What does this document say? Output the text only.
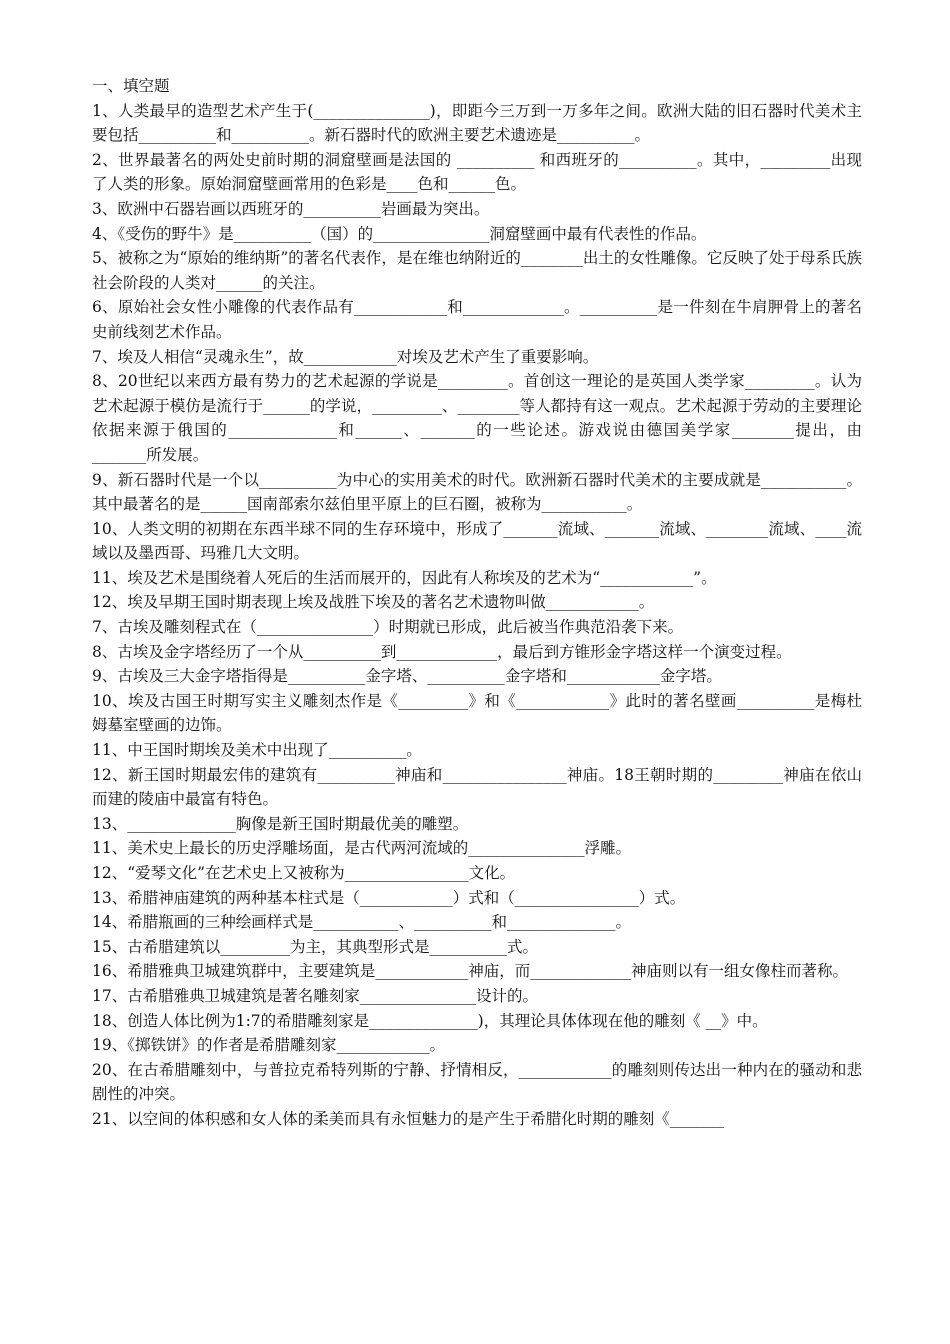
一、填空题

1、人类最早的造型艺术产生于(_______________)，即距今三万到一万多年之间。欧洲大陆的旧石器时代美术主要包括__________和__________。新石器时代的欧洲主要艺术遗迹是__________。

2、世界最著名的两处史前时期的洞窟壁画是法国的 __________ 和西班牙的__________。其中，_________出现了人类的形象。原始洞窟壁画常用的色彩是____色和______色。

3、欧洲中石器岩画以西班牙的__________岩画最为突出。

4、《受伤的野牛》是__________（国）的_______________洞窟壁画中最有代表性的作品。

5、被称之为“原始的维纳斯”的著名代表作，是在维也纳附近的________出土的女性雕像。它反映了处于母系氏族社会阶段的人类对______的关注。

6、原始社会女性小雕像的代表作品有____________和_____________。__________是一件刻在牛肩胛骨上的著名史前线刻艺术作品。

7、埃及人相信“灵魂永生”，故____________对埃及艺术产生了重要影响。

8、20世纪以来西方最有势力的艺术起源的学说是_________。首创这一理论的是英国人类学家_________。认为艺术起源于模仿是流行于______的学说，_________、________等人都持有这一观点。艺术起源于劳动的主要理论依据来源于俄国的______________和______、_______的一些论述。游戏说由德国美学家________提出，由_______所发展。

9、新石器时代是一个以__________为中心的实用美术的时代。欧洲新石器时代美术的主要成就是___________。其中最著名的是______国南部索尔兹伯里平原上的巨石圈，被称为___________。

10、人类文明的初期在东西半球不同的生存环境中，形成了_______流域、_______流域、________流域、____流域以及墨西哥、玛雅几大文明。

11、埃及艺术是围绕着人死后的生活而展开的，因此有人称埃及的艺术为“____________”。

12、埃及早期王国时期表现上埃及战胜下埃及的著名艺术遗物叫做____________。

7、古埃及雕刻程式在（_______________）时期就已形成，此后被当作典范沿袭下来。

8、古埃及金字塔经历了一个从__________到_____________，最后到方锥形金字塔这样一个演变过程。

9、古埃及三大金字塔指得是__________金字塔、__________金字塔和____________金字塔。

10、埃及古国王时期写实主义雕刻杰作是《_________》和《____________》此时的著名壁画__________是梅杜姆墓室壁画的边饰。

11、中王国时期埃及美术中出现了__________。

12、新王国时期最宏伟的建筑有__________神庙和________________神庙。18王朝时期的_________神庙在依山而建的陵庙中最富有特色。

13、______________胸像是新王国时期最优美的雕塑。

11、美术史上最长的历史浮雕场面，是古代两河流域的_______________浮雕。

12、“爱琴文化”在艺术史上又被称为________________文化。

13、希腊神庙建筑的两种基本柱式是（____________）式和（________________）式。

14、希腊瓶画的三种绘画样式是___________、__________和______________。

15、古希腊建筑以_________为主，其典型形式是__________式。

16、希腊雅典卫城建筑群中，主要建筑是____________神庙，而_____________神庙则以有一组女像柱而著称。

17、古希腊雅典卫城建筑是著名雕刻家_______________设计的。

18、创造人体比例为1:7的希腊雕刻家是______________)，其理论具体体现在他的雕刻《 __》中。

19、《掷铁饼》的作者是希腊雕刻家____________。

20、在古希腊雕刻中，与普拉克希特列斯的宁静、抒情相反，____________的雕刻则传达出一种内在的骚动和悲剧性的冲突。

21、以空间的体积感和女人体的柔美而具有永恒魅力的是产生于希腊化时期的雕刻《_______
